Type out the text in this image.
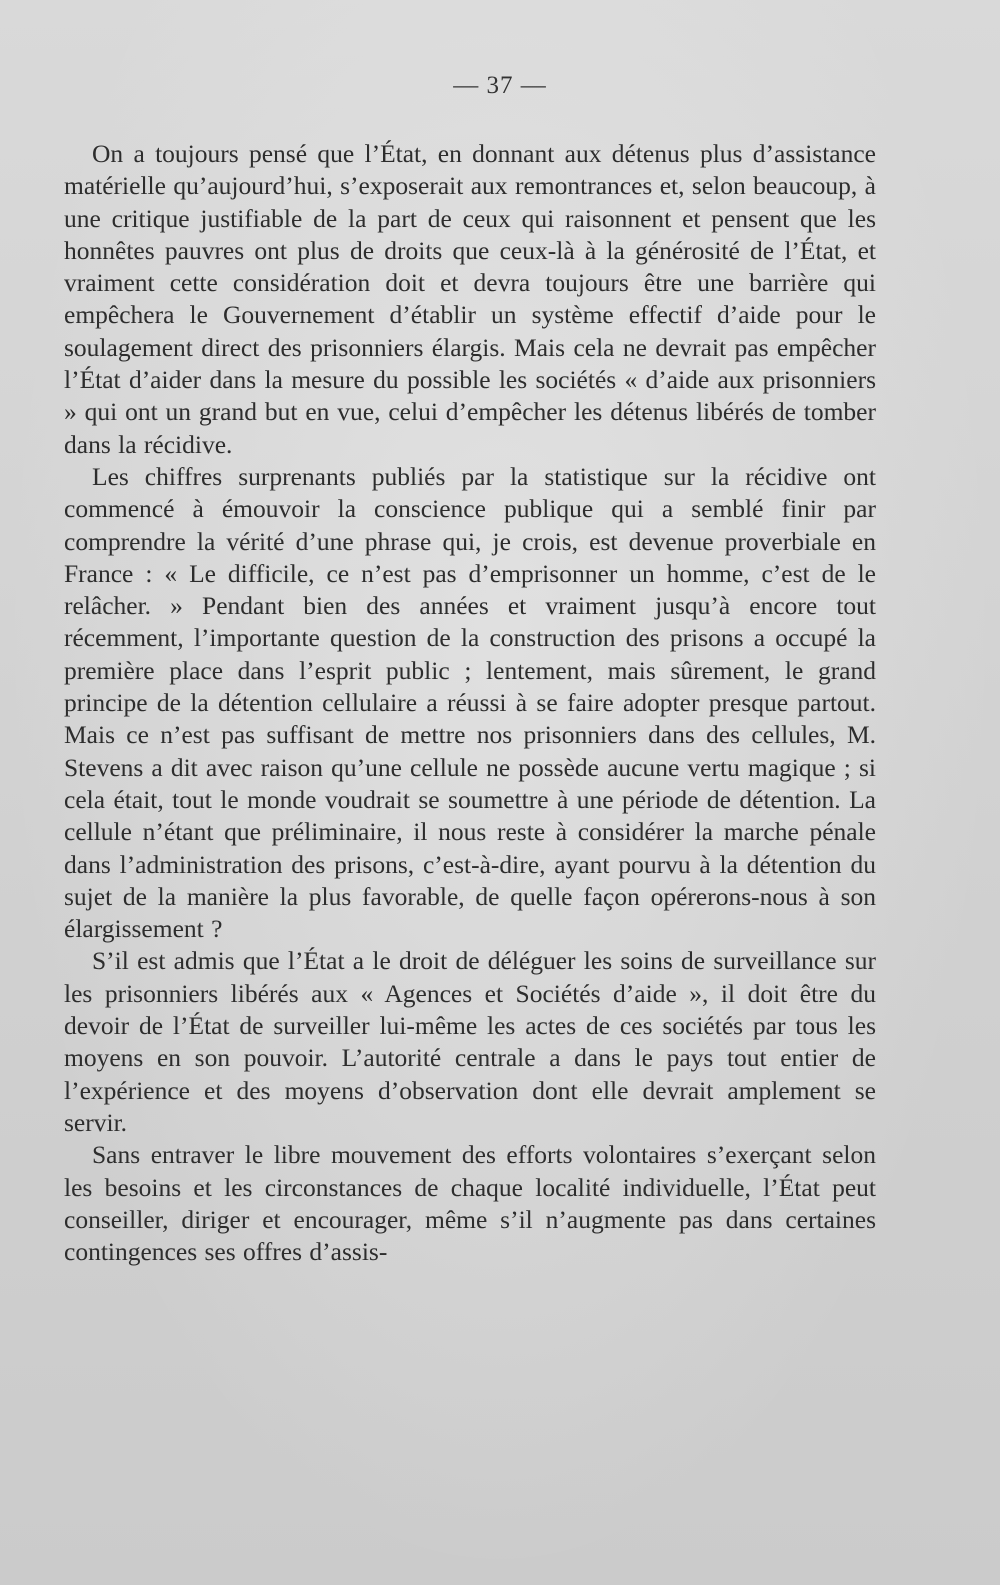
— 37 —

On a toujours pensé que l’État, en donnant aux détenus plus d’assistance matérielle qu’aujourd’hui, s’exposerait aux remontrances et, selon beaucoup, à une critique justifiable de la part de ceux qui raisonnent et pensent que les honnêtes pauvres ont plus de droits que ceux-là à la générosité de l’État, et vraiment cette considération doit et devra toujours être une barrière qui empêchera le Gouvernement d’établir un système effectif d’aide pour le soulagement direct des prisonniers élargis. Mais cela ne devrait pas empêcher l’État d’aider dans la mesure du possible les sociétés « d’aide aux prisonniers » qui ont un grand but en vue, celui d’empêcher les détenus libérés de tomber dans la récidive.

Les chiffres surprenants publiés par la statistique sur la récidive ont commencé à émouvoir la conscience publique qui a semblé finir par comprendre la vérité d’une phrase qui, je crois, est devenue proverbiale en France : « Le difficile, ce n’est pas d’emprisonner un homme, c’est de le relâcher. » Pendant bien des années et vraiment jusqu’à encore tout récemment, l’importante question de la construction des prisons a occupé la première place dans l’esprit public ; lentement, mais sûrement, le grand principe de la détention cellulaire a réussi à se faire adopter presque partout. Mais ce n’est pas suffisant de mettre nos prisonniers dans des cellules, M. Stevens a dit avec raison qu’une cellule ne possède aucune vertu magique ; si cela était, tout le monde voudrait se soumettre à une période de détention. La cellule n’étant que préliminaire, il nous reste à considérer la marche pénale dans l’administration des prisons, c’est-à-dire, ayant pourvu à la détention du sujet de la manière la plus favorable, de quelle façon opérerons-nous à son élargissement ?

S’il est admis que l’État a le droit de déléguer les soins de surveillance sur les prisonniers libérés aux « Agences et Sociétés d’aide », il doit être du devoir de l’État de surveiller lui-même les actes de ces sociétés par tous les moyens en son pouvoir. L’autorité centrale a dans le pays tout entier de l’expérience et des moyens d’observation dont elle devrait amplement se servir.

Sans entraver le libre mouvement des efforts volontaires s’exerçant selon les besoins et les circonstances de chaque localité individuelle, l’État peut conseiller, diriger et encourager, même s’il n’augmente pas dans certaines contingences ses offres d’assis-
